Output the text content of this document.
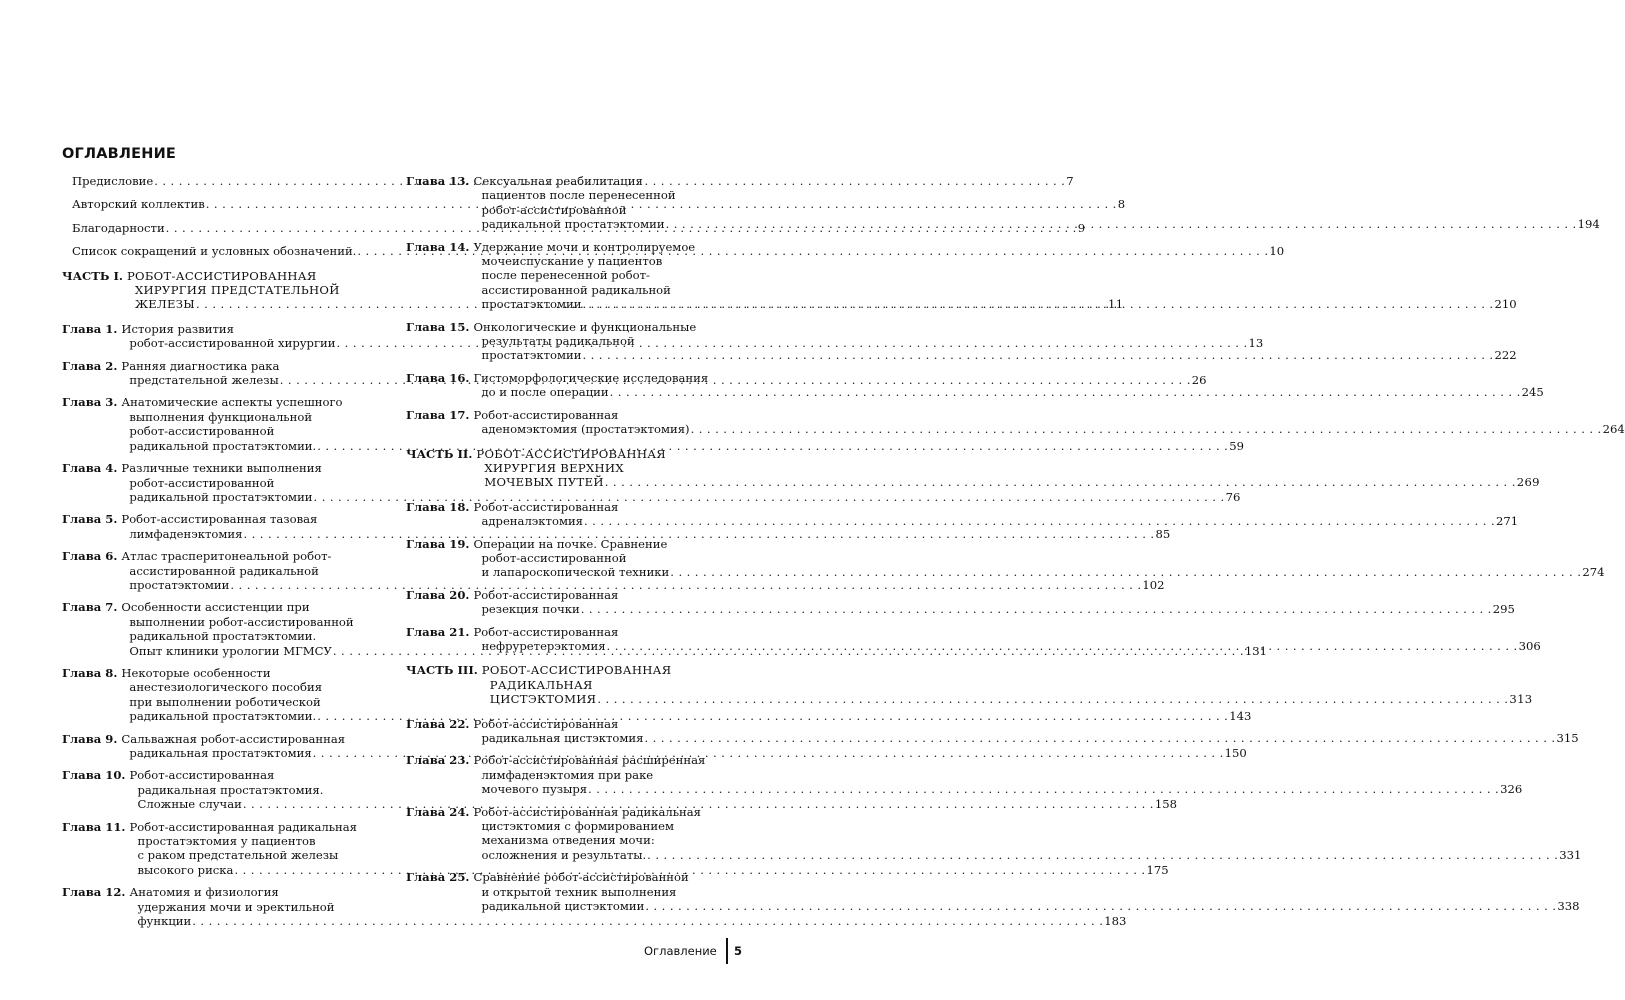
ОГЛАВЛЕНИЕ
Предисловие . . .	7
Авторский коллектив . . .	8
Благодарности . . .	9
Список сокращений и условных обозначений. . . .	10
ЧАСТЬ I. РОБОТ-АССИСТИРОВАННАЯ
ХИРУРГИЯ ПРЕДСТАТЕЛЬНОЙ
ЖЕЛЕЗЫ . . .	11
Глава 1. История развития
робот-ассистированной хирургии . . .	13
Глава 2. Ранняя диагностика рака
предстательной железы . . .	26
Глава 3. Анатомические аспекты успешного
выполнения функциональной
робот-ассистированной
радикальной простатэктомии. . . .	59
Глава 4. Различные техники выполнения
робот-ассистированной
радикальной простатэктомии . . .	76
Глава 5. Робот-ассистированная тазовая
лимфаденэктомия . . .	85
Глава 6. Атлас трасперитонеальной робот-
ассистированной радикальной
простатэктомии . . .	102
Глава 7. Особенности ассистенции при
выполнении робот-ассистированной
радикальной простатэктомии.
Опыт клиники урологии МГМСУ . . .	131
Глава 8. Некоторые особенности
анестезиологического пособия
при выполнении роботической
радикальной простатэктомии. . . .	143
Глава 9. Сальважная робот-ассистированная
радикальная простатэктомия . . .	150
Глава 10. Робот-ассистированная
радикальная простатэктомия.
Сложные случаи . . .	158
Глава 11. Робот-ассистированная радикальная
простатэктомия у пациентов
с раком предстательной железы
высокого риска . . .	175
Глава 12. Анатомия и физиология
удержания мочи и эректильной
функции . . .	183
Глава 13. Сексуальная реабилитация
пациентов после перенесенной
робот-ассистированной
радикальной простатэктомии . . .	194
Глава 14. Удержание мочи и контролируемое
мочеиспускание у пациентов
после перенесенной робот-
ассистированной радикальной
простатэктомии . . .	210
Глава 15. Онкологические и функциональные
результаты радикальной
простатэктомии . . .	222
Глава 16. Гистоморфологические исследования
до и после операции . . .	245
Глава 17. Робот-ассистированная
аденомэктомия (простатэктомия) . . .	264
ЧАСТЬ II. РОБОТ-АССИСТИРОВАННАЯ
ХИРУРГИЯ ВЕРХНИХ
МОЧЕВЫХ ПУТЕЙ . . .	269
Глава 18. Робот-ассистированная
адреналэктомия . . .	271
Глава 19. Операции на почке. Сравнение
робот-ассистированной
и лапароскопической техники . . .	274
Глава 20. Робот-ассистированная
резекция почки . . .	295
Глава 21. Робот-ассистированная
нефруретерэктомия . . .	306
ЧАСТЬ III. РОБОТ-АССИСТИРОВАННАЯ
РАДИКАЛЬНАЯ
ЦИСТЭКТОМИЯ . . .	313
Глава 22. Робот-ассистированная
радикальная цистэктомия . . .	315
Глава 23. Робот-ассистированная расширенная
лимфаденэктомия при раке
мочевого пузыря . . .	326
Глава 24. Робот-ассистированная радикальная
цистэктомия с формированием
механизма отведения мочи:
осложнения и результаты. . . .	331
Глава 25. Сравнение робот-ассистированной
и открытой техник выполнения
радикальной цистэктомии . . .	338
Оглавление 5
